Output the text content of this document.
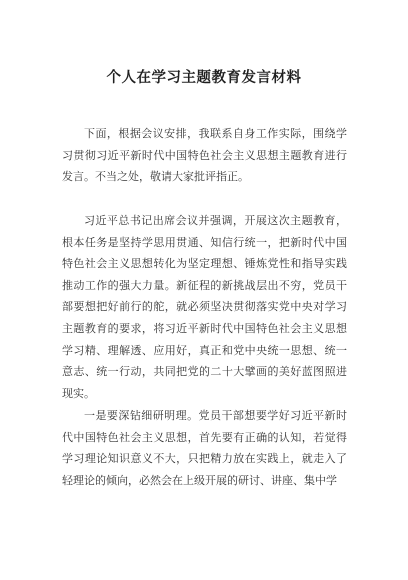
个人在学习主题教育发言材料

下面，根据会议安排，我联系自身工作实际，围绕学习贯彻习近平新时代中国特色社会主义思想主题教育进行发言。不当之处，敬请大家批评指正。

习近平总书记出席会议并强调，开展这次主题教育，根本任务是坚持学思用贯通、知信行统一，把新时代中国特色社会主义思想转化为坚定理想、锤炼党性和指导实践推动工作的强大力量。新征程的新挑战层出不穷，党员干部要想把好前行的舵，就必须坚决贯彻落实党中央对学习主题教育的要求，将习近平新时代中国特色社会主义思想学习精、理解透、应用好，真正和党中央统一思想、统一意志、统一行动，共同把党的二十大擘画的美好蓝图照进现实。

一是要深钻细研明理。党员干部想要学好习近平新时代中国特色社会主义思想，首先要有正确的认知，若觉得学习理论知识意义不大，只把精力放在实践上，就走入了轻理论的倾向，必然会在上级开展的研讨、讲座、集中学
